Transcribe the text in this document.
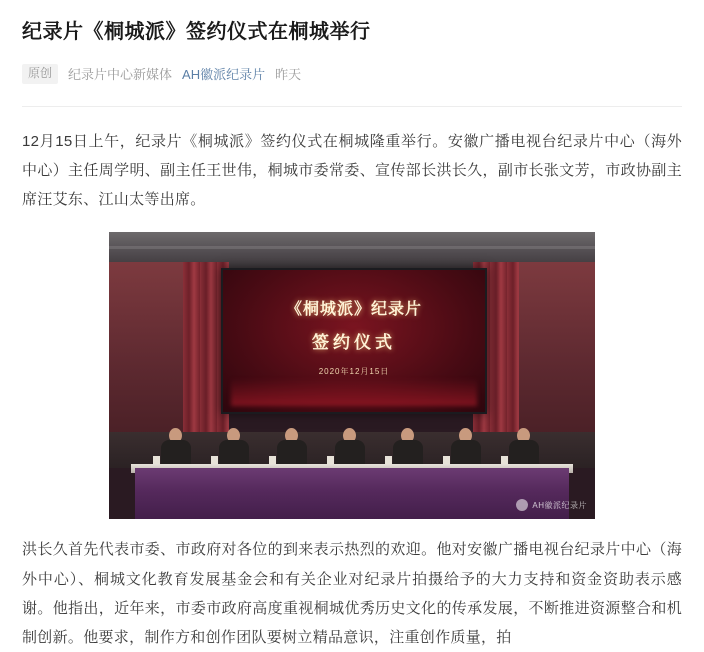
纪录片《桐城派》签约仪式在桐城举行
原创	纪录片中心新媒体 AH徽派纪录片 昨天

12月15日上午，纪录片《桐城派》签约仪式在桐城隆重举行。安徽广播电视台纪录片中心（海外中心）主任周学明、副主任王世伟，桐城市委常委、宣传部长洪长久，副市长张文芳，市政协副主席汪艾东、江山太等出席。

《桐城派》纪录片
签约仪式
2020年12月15日
AH徽派纪录片

洪长久首先代表市委、市政府对各位的到来表示热烈的欢迎。他对安徽广播电视台纪录片中心（海外中心）、桐城文化教育发展基金会和有关企业对纪录片拍摄给予的大力支持和资金资助表示感谢。他指出，近年来，市委市政府高度重视桐城优秀历史文化的传承发展，不断推进资源整合和机制创新。他要求，制作方和创作团队要树立精品意识，注重创作质量，拍
